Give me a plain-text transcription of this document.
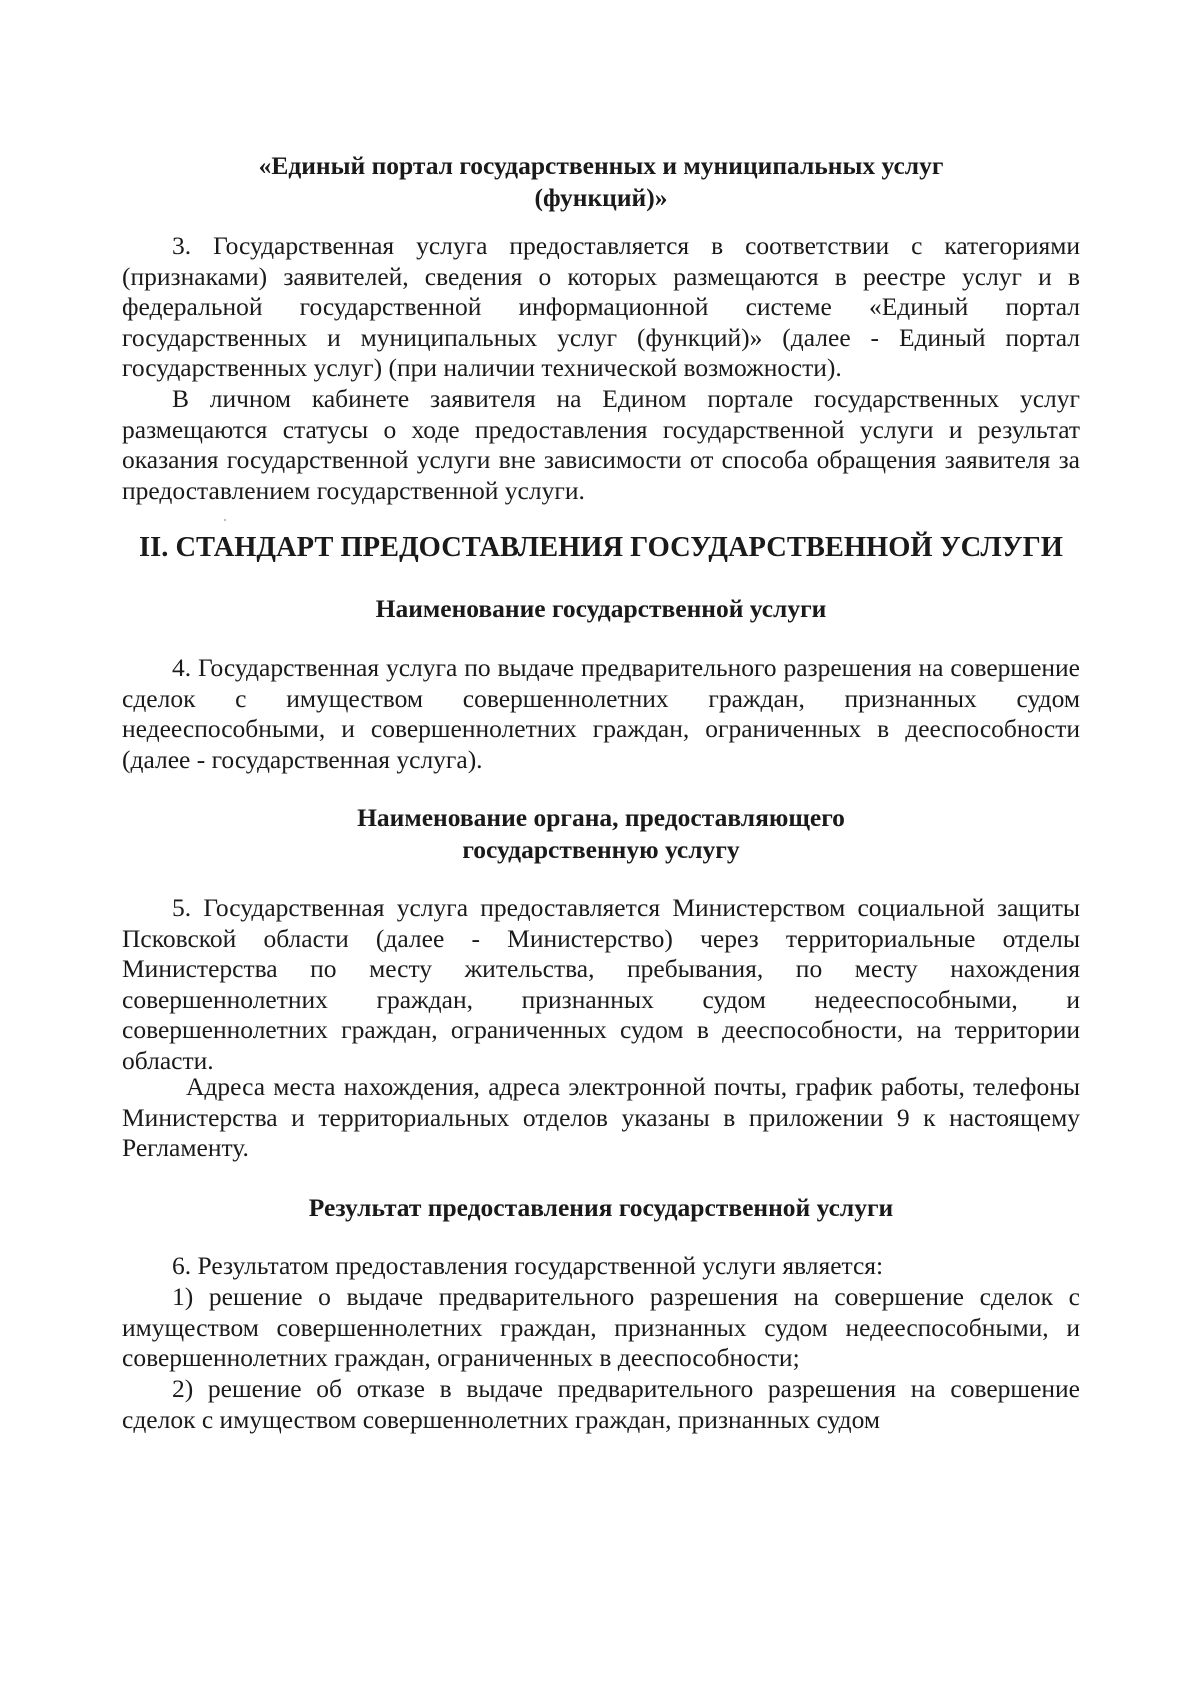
«Единый портал государственных и муниципальных услуг
(функций)»
3. Государственная услуга предоставляется в соответствии с категориями (признаками) заявителей, сведения о которых размещаются в реестре услуг и в федеральной государственной информационной системе «Единый портал государственных и муниципальных услуг (функций)» (далее - Единый портал государственных услуг) (при наличии технической возможности).
В личном кабинете заявителя на Едином портале государственных услуг размещаются статусы о ходе предоставления государственной услуги и результат оказания государственной услуги вне зависимости от способа обращения заявителя за предоставлением государственной услуги.
II. СТАНДАРТ ПРЕДОСТАВЛЕНИЯ ГОСУДАРСТВЕННОЙ УСЛУГИ
Наименование государственной услуги
4. Государственная услуга по выдаче предварительного разрешения на совершение сделок с имуществом совершеннолетних граждан, признанных судом недееспособными, и совершеннолетних граждан, ограниченных в дееспособности (далее - государственная услуга).
Наименование органа, предоставляющего
государственную услугу
5. Государственная услуга предоставляется Министерством социальной защиты Псковской области (далее - Министерство) через территориальные отделы Министерства по месту жительства, пребывания, по месту нахождения совершеннолетних граждан, признанных судом недееспособными, и совершеннолетних граждан, ограниченных судом в дееспособности, на территории области.
Адреса места нахождения, адреса электронной почты, график работы, телефоны Министерства и территориальных отделов указаны в приложении 9 к настоящему Регламенту.
Результат предоставления государственной услуги
6. Результатом предоставления государственной услуги является:
1) решение о выдаче предварительного разрешения на совершение сделок с имуществом совершеннолетних граждан, признанных судом недееспособными, и совершеннолетних граждан, ограниченных в дееспособности;
2) решение об отказе в выдаче предварительного разрешения на совершение сделок с имуществом совершеннолетних граждан, признанных судом
